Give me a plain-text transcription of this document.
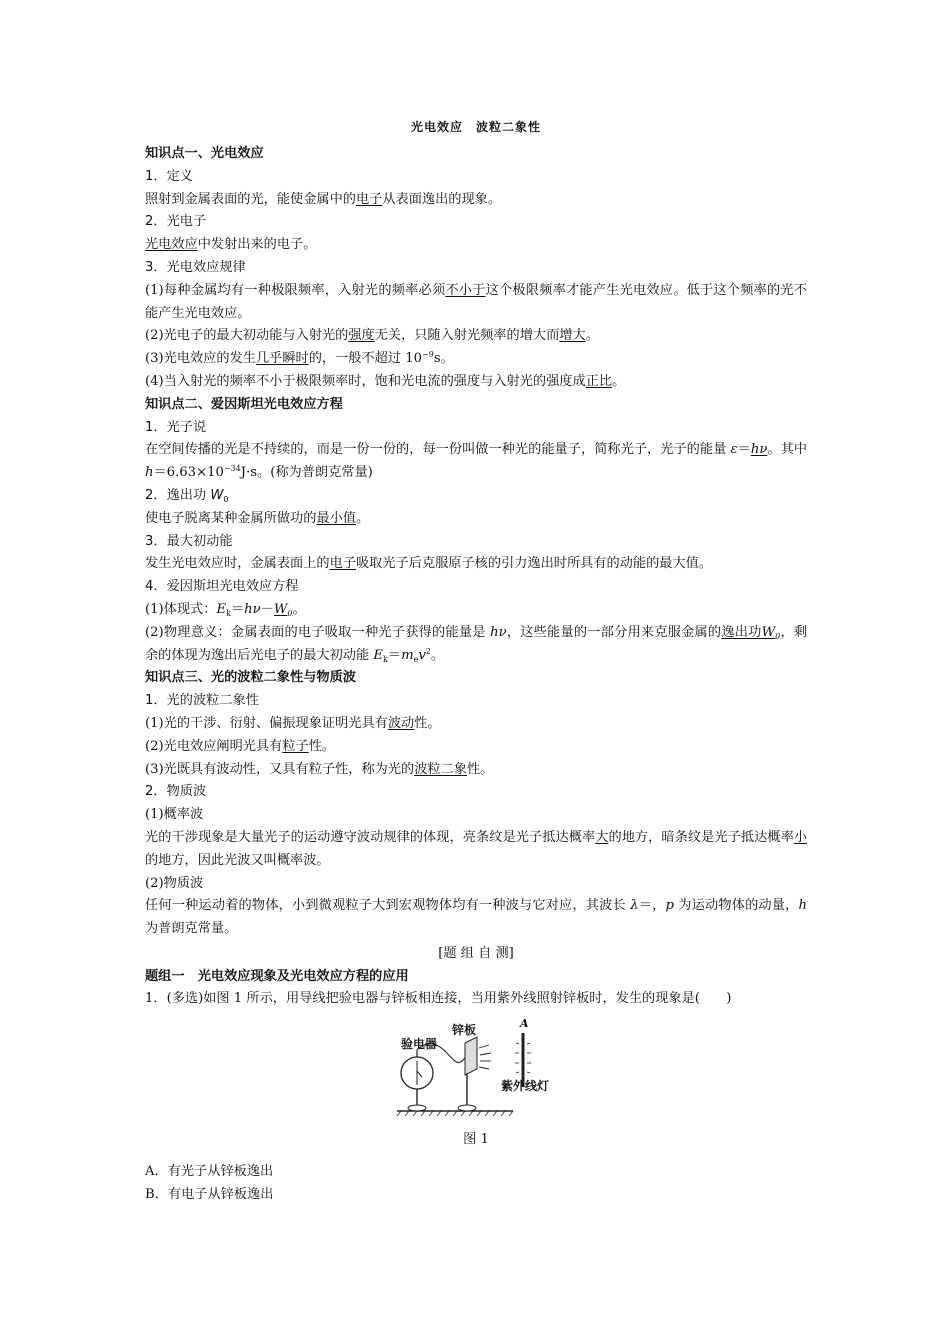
光电效应　波粒二象性

知识点一、光电效应

1．定义

照射到金属表面的光，能使金属中的电子从表面逸出的现象。

2．光电子

光电效应中发射出来的电子。

3．光电效应规律

(1)每种金属均有一种极限频率，入射光的频率必须不小于这个极限频率才能产生光电效应。低于这个频率的光不能产生光电效应。

(2)光电子的最大初动能与入射光的强度无关，只随入射光频率的增大而增大。

(3)光电效应的发生几乎瞬时的，一般不超过 $10^{-9}s$。

(4)当入射光的频率不小于极限频率时，饱和光电流的强度与入射光的强度成正比。

知识点二、爱因斯坦光电效应方程

1．光子说

在空间传播的光是不持续的，而是一份一份的，每一份叫做一种光的能量子，简称光子，光子的能量 ε＝hν。其中 $h=6.63\times 10^{-34}J\cdot s$。(称为普朗克常量)

2．逸出功 $W_0$

使电子脱离某种金属所做功的最小值。

3．最大初动能

发生光电效应时，金属表面上的电子吸取光子后克服原子核的引力逸出时所具有的动能的最大值。

4．爱因斯坦光电效应方程

(1)体现式：$E_k=h\nu-W_0$。

(2)物理意义：金属表面的电子吸取一种光子获得的能量是 hν，这些能量的一部分用来克服金属的逸出功$W_0$，剩余的体现为逸出后光电子的最大初动能 $E_k=m_ev^2$。

知识点三、光的波粒二象性与物质波

1．光的波粒二象性

(1)光的干涉、衍射、偏振现象证明光具有波动性。

(2)光电效应阐明光具有粒子性。

(3)光既具有波动性，又具有粒子性，称为光的波粒二象性。

2．物质波

(1)概率波

光的干涉现象是大量光子的运动遵守波动规律的体现，亮条纹是光子抵达概率大的地方，暗条纹是光子抵达概率小的地方，因此光波又叫概率波。

(2)物质波

任何一种运动着的物体，小到微观粒子大到宏观物体均有一种波与它对应，其波长 λ＝，p 为运动物体的动量，h 为普朗克常量。

[题 组 自 测]

题组一　光电效应现象及光电效应方程的应用

1．(多选)如图 1 所示，用导线把验电器与锌板相连接，当用紫外线照射锌板时，发生的现象是(　　)

验电器
锌板	A
紫外线灯

图 1

A．有光子从锌板逸出

B．有电子从锌板逸出
